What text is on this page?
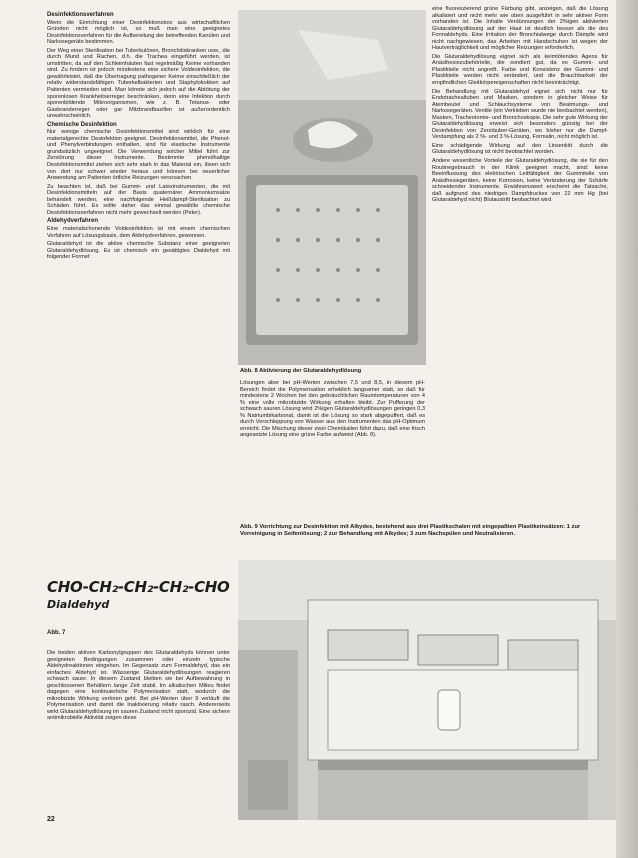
Desinfektionsverfahren

Wenn die Einrichtung einer Desinfektionsbox aus wirtschaftlichen Gründen nicht möglich ist, so muß man eine geeignetes Desinfektionsverfahren für die Aufbereitung der betreffenden Kanülen und Narkosegeräte bestimmen.

Der Weg einer Sterilisation bei Tuberkulösen, Bronchitiskranken usw., die durch Mund und Rachen, d.h. die Trachea eingeführt werden, ist umstritten, da auf den Schleimhäuten fast regelmäßig Keime vorhanden sind. Zu fordern ist jedoch mindestens eine sichere Voldesinfektion, die gewährleistet, daß die Übertragung pathogener Keime einschließlich der relativ widerstandsfähigen Tuberkelbakterien und Staphylokokken auf Patienten vermieden wird. Man könnte sich jedoch auf die Abtötung der sporenlosen Krankheitserreger beschränken, denn eine Infektion durch sporenbildende Mikroorganismen, wie z. B. Tetanus- oder Gasbranderreger oder gar Milzbrandbazillen ist außerordentlich unwahrscheinlich.

Chemische Desinfektion

Nur wenige chemische Desinfektionsmittel sind wirklich für eine materialgerechte Desinfektion geeignet. Desinfektionsmittel, die Phenol- und Phenylverbindungen enthalten, sind für elastische Instrumente grundsätzlich ungeeignet. Die Verwendung solcher Mittel führt zur Zerstörung dieser Instrumente. Bestimmte phenolhaltige Desinfektionsmittel ziehen sich sehr stark in das Material ein, lösen sich von dort nur schwer wieder heraus und können bei neuerlicher Anwendung am Patienten örtliche Reizungen verursachen.

Zu beachten ist, daß bei Gummi- und Latexinstrumenten, die mit Desinfektionsmitteln auf der Basis quaternärer Ammoniumsalze behandelt werden, eine nachfolgende Heißdampf-Sterilisation zu Schäden führt. Es sollte daher das einmal gewählte chemische Desinfektionsverfahren nicht mehr gewechselt werden (Peter).

Aldehydverfahren

Eine materialschonende Voldesinfektion ist mit einem chemischen Verfahren auf Lösungsbasis, dem Aldehydverfahren, gewonnen.

Glutaraldehyd ist die aktive chemische Substanz einer geeigneten Glutaraldehydlösung. Es ist chemisch ein gesättigtes Dialdehyd mit folgender Formel:

CHO-CH₂-CH₂-CH₂-CHO
Dialdehyd
Abb. 7

Die beiden aktiven Karbonylgruppen des Glutaraldehyds können unter geeigneten Bedingungen zusammen oder einzeln typische Aldehydreaktionen eingehen. Im Gegensatz zum Formaldehyd, das ein einfaches Aldehyd ist. Wässerige Glutaraldehydlösungen reagieren schwach sauer. In diesem Zustand bleiben sie bei Aufbewahrung in geschlossenen Behältern lange Zeit stabil. Im alkalischen Milieu findet dagegen eine kontinuierliche Polymerisation statt, wodurch die mikrobizide Wirkung verloren geht. Bei pH-Werten über 9 verläuft die Polymerisation und damit die Inaktivierung relativ rasch. Andererseits wirkt Glutaraldehydlösung im sauren Zustand nicht sporozid. Eine sichere antimikrobielle Aktivität zeigen diese

Abb. 8 Aktivierung der Glutaraldehydlösung

Lösungen aber bei pH-Werten zwischen 7,5 und 8,5, in diesem pH-Bereich findet die Polymerisation erheblich langsamer statt, so daß für mindestens 2 Wochen bei den gebräuchlichen Raumtemperaturen von 4 % eine volle mikrobizide Wirkung erhalten bleibt. Zur Pufferung der schwach sauren Lösung wird 2%igen Glutaraldehydlösungen geringen 0,3 % Natriumbikarbonat, damit ist die Lösung so stark abgepuffert, daß es durch Verschleppung von Wasser aus den Instrumenten das pH-Optimum erreicht. Die Mischung dieser zwei Chemikalien führt dazu, daß eine frisch angesetzte Lösung eine grüne Farbe aufweist (Abb. 8).

Abb. 9 Vorrichtung zur Desinfektion mit Alkydes, bestehend aus drei Plastikschalen mit eingepaßten Plastikeinsätzen: 1 zur Vorreinigung in Seifenlösung; 2 zur Behandlung mit Alkydes; 3 zum Nachspülen und Neutralisieren.

eine fluoreszierend grüne Färbung gibt, anzeigen, daß die Lösung alkalisiert und nicht mehr wie oben ausgeführt in sehr aktiver Form vorhanden ist. Die Inhalte Verdünnungen der 2%igen aktivierten Glutaraldehydlösung auf der Haut ist deutlich besser als die des Formaldehyds. Eine Irritation der Bronchialwege durch Dämpfe wird nicht nachgewiesen, das Arbeiten mit Handschuhen ist wegen der Hautverträglichkeit und möglicher Reizungen erforderlich.

Die Glutaraldehydlösung eignet sich als keimtötendes Agens für Anästhesiezubehörteile, die sondiert gut, da es Gummi- und Plastikteile nicht angreift. Farbe und Konsistenz der Gummi- und Plastikteile werden nicht verändert, und die Brauchbarkeit der empfindlichen Gleitkörpereigenschaften nicht beeinträchtigt.

Die Behandlung mit Glutaraldehyd eignet sich nicht nur für Endotrachealtuben und Masken, sondern in gleicher Weise für Atembeutel und Schlauchsysteme von Beatmungs- und Narkosegeräten. Ventile (ein Verkleben wurde nie beobachtet werden), Masken, Tracheotomie- und Bronchoskopie. Die sehr gute Wirkung der Glutaraldehydlösung erweist sich besonders günstig bei der Desinfektion von Zerstäuber-Geräten, wo bisher nur die Dampf-Verdampfung als 2 %- und 3 %-Lösung, Formalin, nicht möglich ist.

Eine schädigende Wirkung auf den Linsenkitt durch die Glutaraldehydlösung ist nicht beobachtet worden.

Andere wesentliche Vorteile der Glutaraldehydlösung, die sie für den Routinegebrauch in der Klinik geeignet macht, sind: keine Beeinflussung des elektrischen Leitfähigkeit der Gummiteile von Anästhesiegeräten, keine Korrosion, keine Veränderung der Schärfe schneidender Instrumente. Erwähnenswert erscheint die Tatsache, daß aufgrund des niedrigen Dampfdruckes von 22 mm Hg (bei Glutaraldehyd nicht) Blutaustritt beobachtet wird.

22
